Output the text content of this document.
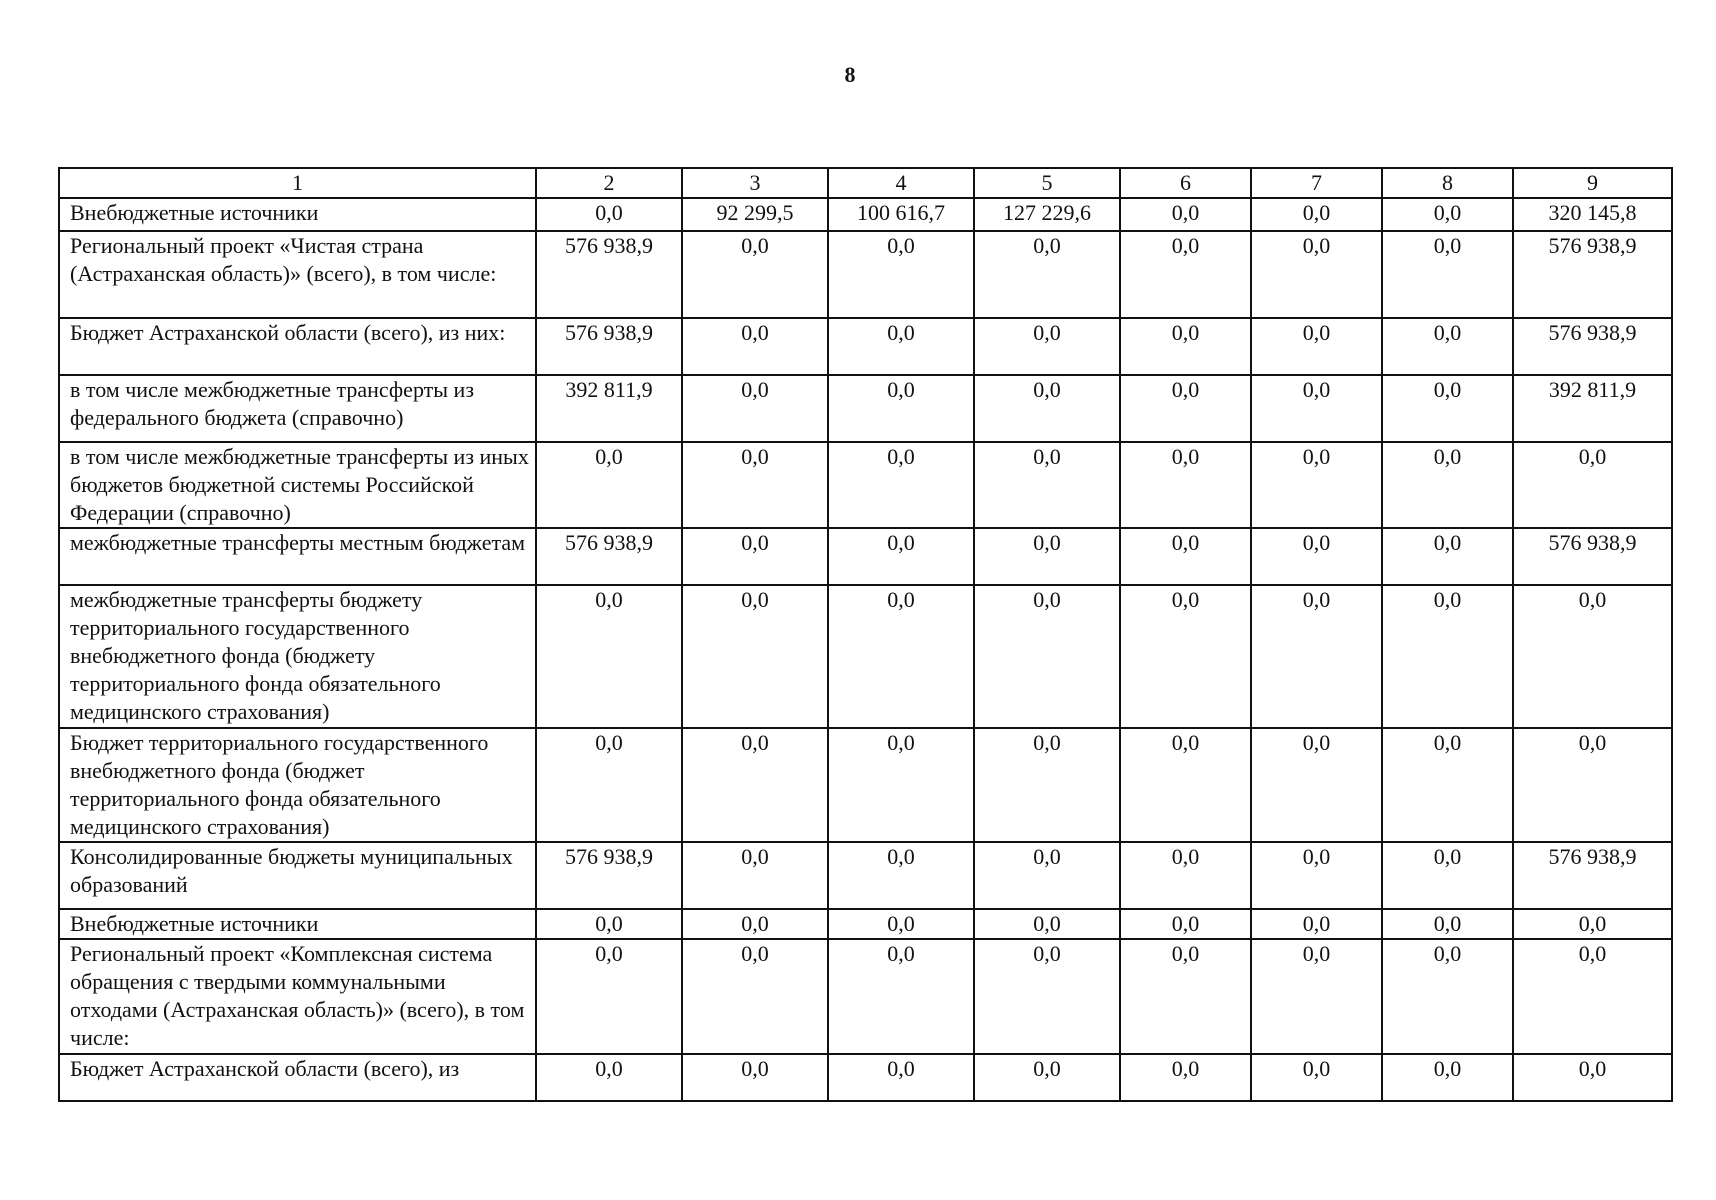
8
1	2	3	4	5	6	7	8	9
Внебюджетные источники	0,0	92 299,5	100 616,7	127 229,6	0,0	0,0	0,0	320 145,8
Региональный проект «Чистая страна (Астраханская область)» (всего), в том числе:	576 938,9	0,0	0,0	0,0	0,0	0,0	0,0	576 938,9
Бюджет Астраханской области (всего), из них:	576 938,9	0,0	0,0	0,0	0,0	0,0	0,0	576 938,9
в том числе межбюджетные трансферты из федерального бюджета (справочно)	392 811,9	0,0	0,0	0,0	0,0	0,0	0,0	392 811,9
в том числе межбюджетные трансферты из иных бюджетов бюджетной системы Российской Федерации (справочно)	0,0	0,0	0,0	0,0	0,0	0,0	0,0	0,0
межбюджетные трансферты местным бюджетам	576 938,9	0,0	0,0	0,0	0,0	0,0	0,0	576 938,9
межбюджетные трансферты бюджету территориального государственного внебюджетного фонда (бюджету территориального фонда обязательного медицинского страхования)	0,0	0,0	0,0	0,0	0,0	0,0	0,0	0,0
Бюджет территориального государственного внебюджетного фонда (бюджет территориального фонда обязательного медицинского страхования)	0,0	0,0	0,0	0,0	0,0	0,0	0,0	0,0
Консолидированные бюджеты муниципальных образований	576 938,9	0,0	0,0	0,0	0,0	0,0	0,0	576 938,9
Внебюджетные источники	0,0	0,0	0,0	0,0	0,0	0,0	0,0	0,0
Региональный проект «Комплексная система обращения с твердыми коммунальными отходами (Астраханская область)» (всего), в том числе:	0,0	0,0	0,0	0,0	0,0	0,0	0,0	0,0
Бюджет Астраханской области (всего), из	0,0	0,0	0,0	0,0	0,0	0,0	0,0	0,0
